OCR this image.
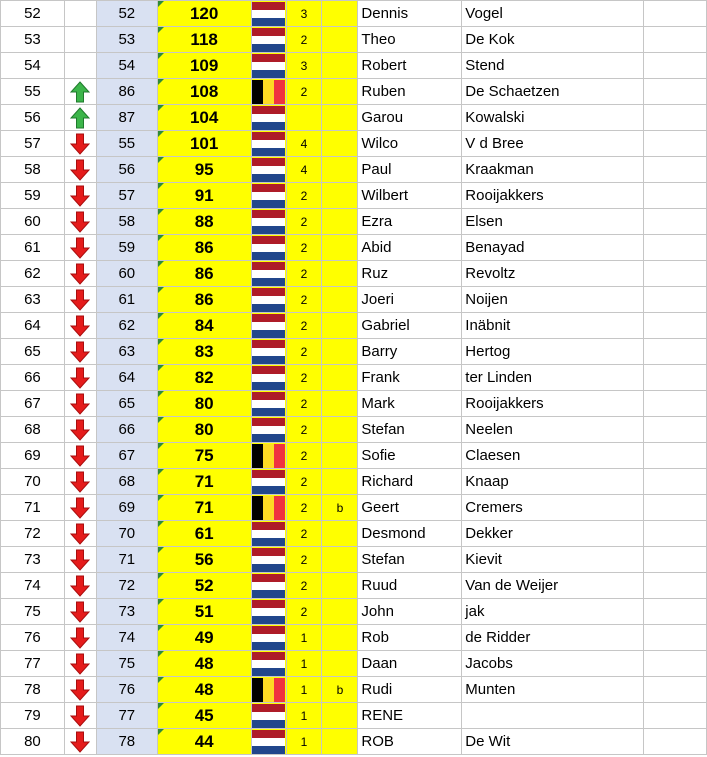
52		52	120		3		Dennis	Vogel	
53		53	118		2		Theo	De Kok	
54		54	109		3		Robert	Stend	
55		86	108		2		Ruben	De Schaetzen	
56		87	104				Garou	Kowalski	
57		55	101		4		Wilco	V d Bree	
58		56	95		4		Paul	Kraakman	
59		57	91		2		Wilbert	Rooijakkers	
60		58	88		2		Ezra	Elsen	
61		59	86		2		Abid	Benayad	
62		60	86		2		Ruz	Revoltz	
63		61	86		2		Joeri	Noijen	
64		62	84		2		Gabriel	Inäbnit	
65		63	83		2		Barry	Hertog	
66		64	82		2		Frank	ter Linden	
67		65	80		2		Mark	Rooijakkers	
68		66	80		2		Stefan	Neelen	
69		67	75		2		Sofie	Claesen	
70		68	71		2		Richard	Knaap	
71		69	71		2	b	Geert	Cremers	
72		70	61		2		Desmond	Dekker	
73		71	56		2		Stefan	Kievit	
74		72	52		2		Ruud	Van de Weijer	
75		73	51		2		John	jak	
76		74	49		1		Rob	de Ridder	
77		75	48		1		Daan	Jacobs	
78		76	48		1	b	Rudi	Munten	
79		77	45		1		RENE		
80		78	44		1		ROB	De Wit	
